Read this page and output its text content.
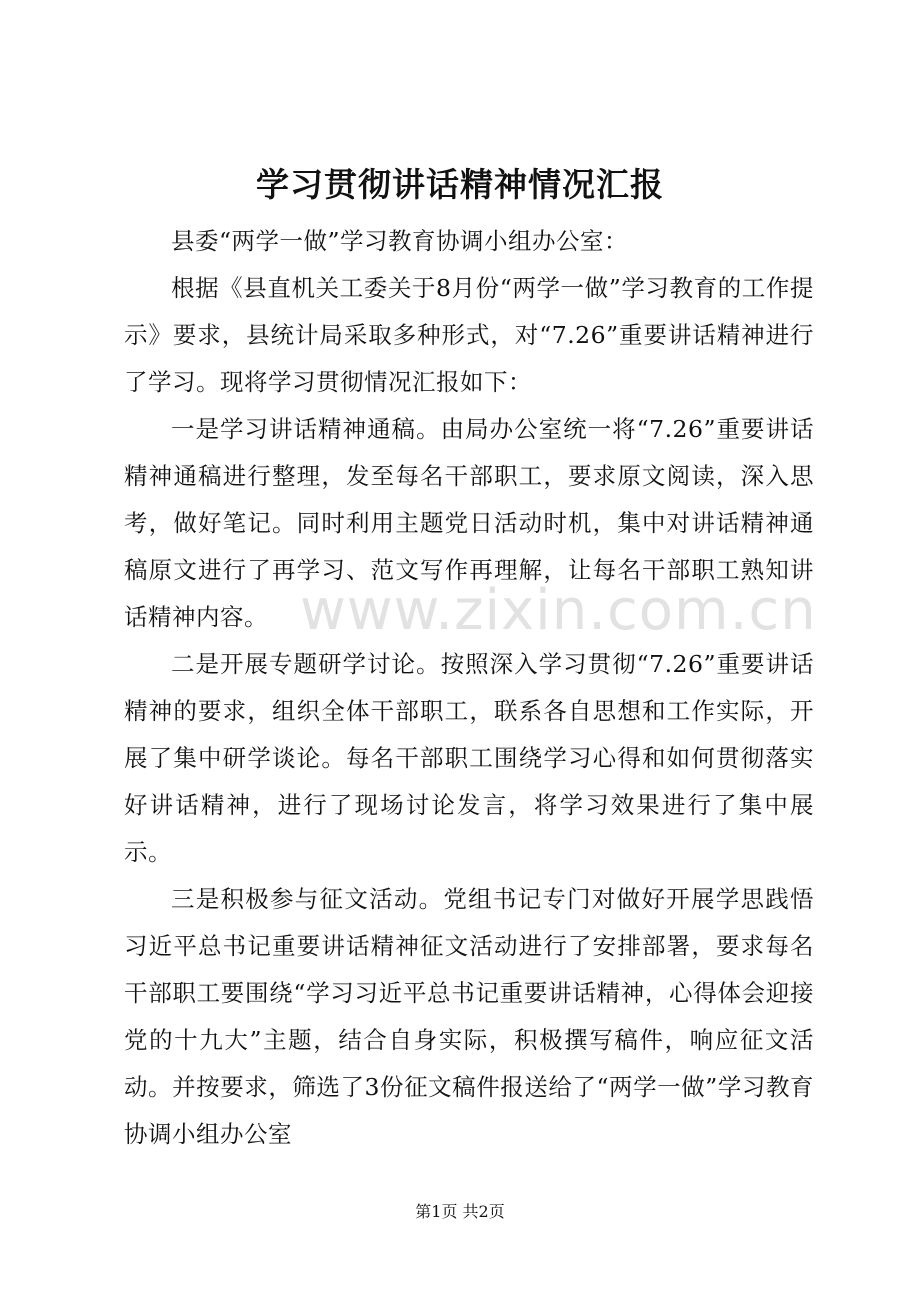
学习贯彻讲话精神情况汇报

县委“两学一做”学习教育协调小组办公室：

根据《县直机关工委关于8月份“两学一做”学习教育的工作提示》要求，县统计局采取多种形式，对“7.26”重要讲话精神进行了学习。现将学习贯彻情况汇报如下：

一是学习讲话精神通稿。由局办公室统一将“7.26”重要讲话精神通稿进行整理，发至每名干部职工，要求原文阅读，深入思考，做好笔记。同时利用主题党日活动时机，集中对讲话精神通稿原文进行了再学习、范文写作再理解，让每名干部职工熟知讲话精神内容。

二是开展专题研学讨论。按照深入学习贯彻“7.26”重要讲话精神的要求，组织全体干部职工，联系各自思想和工作实际，开展了集中研学谈论。每名干部职工围绕学习心得和如何贯彻落实好讲话精神，进行了现场讨论发言，将学习效果进行了集中展示。

三是积极参与征文活动。党组书记专门对做好开展学思践悟习近平总书记重要讲话精神征文活动进行了安排部署，要求每名干部职工要围绕“学习习近平总书记重要讲话精神，心得体会迎接党的十九大”主题，结合自身实际，积极撰写稿件，响应征文活动。并按要求，筛选了3份征文稿件报送给了“两学一做”学习教育协调小组办公室

www.zixin.com.cn
第1页 共2页
